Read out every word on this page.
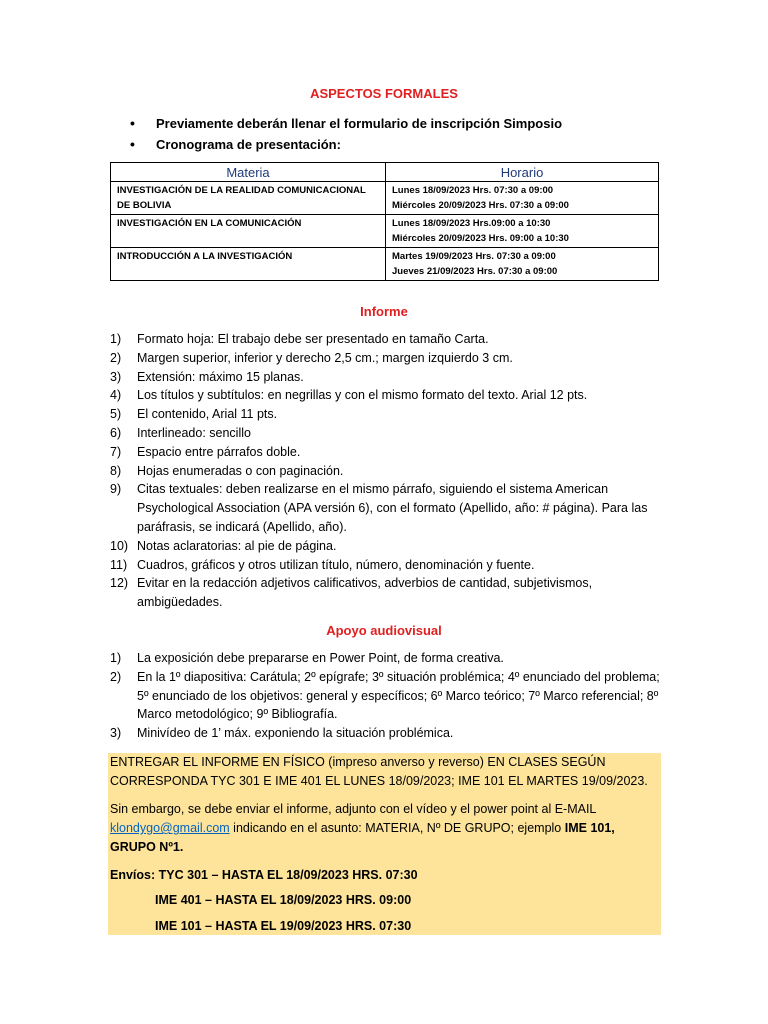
ASPECTOS FORMALES
• Previamente deberán llenar el formulario de inscripción Simposio
• Cronograma de presentación:
Materia	Horario
INVESTIGACIÓN DE LA REALIDAD COMUNICACIONAL DE BOLIVIA	Lunes 18/09/2023 Hrs. 07:30 a 09:00
Miércoles 20/09/2023 Hrs. 07:30 a 09:00

INVESTIGACIÓN EN LA COMUNICACIÓN	Lunes 18/09/2023 Hrs.09:00 a 10:30
Miércoles 20/09/2023 Hrs. 09:00 a 10:30

INTRODUCCIÓN A LA INVESTIGACIÓN	Martes 19/09/2023 Hrs. 07:30 a 09:00
Jueves 21/09/2023 Hrs. 07:30 a 09:00
Informe
1) Formato hoja: El trabajo debe ser presentado en tamaño Carta.
2) Margen superior, inferior y derecho 2,5 cm.; margen izquierdo 3 cm.
3) Extensión: máximo 15 planas.
4) Los títulos y subtítulos: en negrillas y con el mismo formato del texto. Arial 12 pts.
5) El contenido, Arial 11 pts.
6) Interlineado: sencillo
7) Espacio entre párrafos doble.
8) Hojas enumeradas o con paginación.
9) Citas textuales: deben realizarse en el mismo párrafo, siguiendo el sistema American Psychological Association (APA versión 6), con el formato (Apellido, año: # página). Para las paráfrasis, se indicará (Apellido, año).
10) Notas aclaratorias: al pie de página.
11) Cuadros, gráficos y otros utilizan título, número, denominación y fuente.
12) Evitar en la redacción adjetivos calificativos, adverbios de cantidad, subjetivismos, ambigüedades.
Apoyo audiovisual
1) La exposición debe prepararse en Power Point, de forma creativa.
2) En la 1º diapositiva: Carátula; 2º epígrafe; 3º situación problémica; 4º enunciado del problema; 5º enunciado de los objetivos: general y específicos; 6º Marco teórico; 7º Marco referencial; 8º Marco metodológico; 9º Bibliografía.
3) Minivídeo de 1’ máx. exponiendo la situación problémica.

ENTREGAR EL INFORME EN FÍSICO (impreso anverso y reverso) EN CLASES SEGÚN CORRESPONDA TYC 301 E IME 401 EL LUNES 18/09/2023; IME 101 EL MARTES 19/09/2023.

Sin embargo, se debe enviar el informe, adjunto con el vídeo y el power point al E-MAIL klondygo@gmail.com indicando en el asunto: MATERIA, Nº DE GRUPO; ejemplo IME 101, GRUPO Nº1.

Envíos: TYC 301 – HASTA EL 18/09/2023 HRS. 07:30

IME 401 – HASTA EL 18/09/2023 HRS. 09:00

IME 101 – HASTA EL 19/09/2023 HRS. 07:30
